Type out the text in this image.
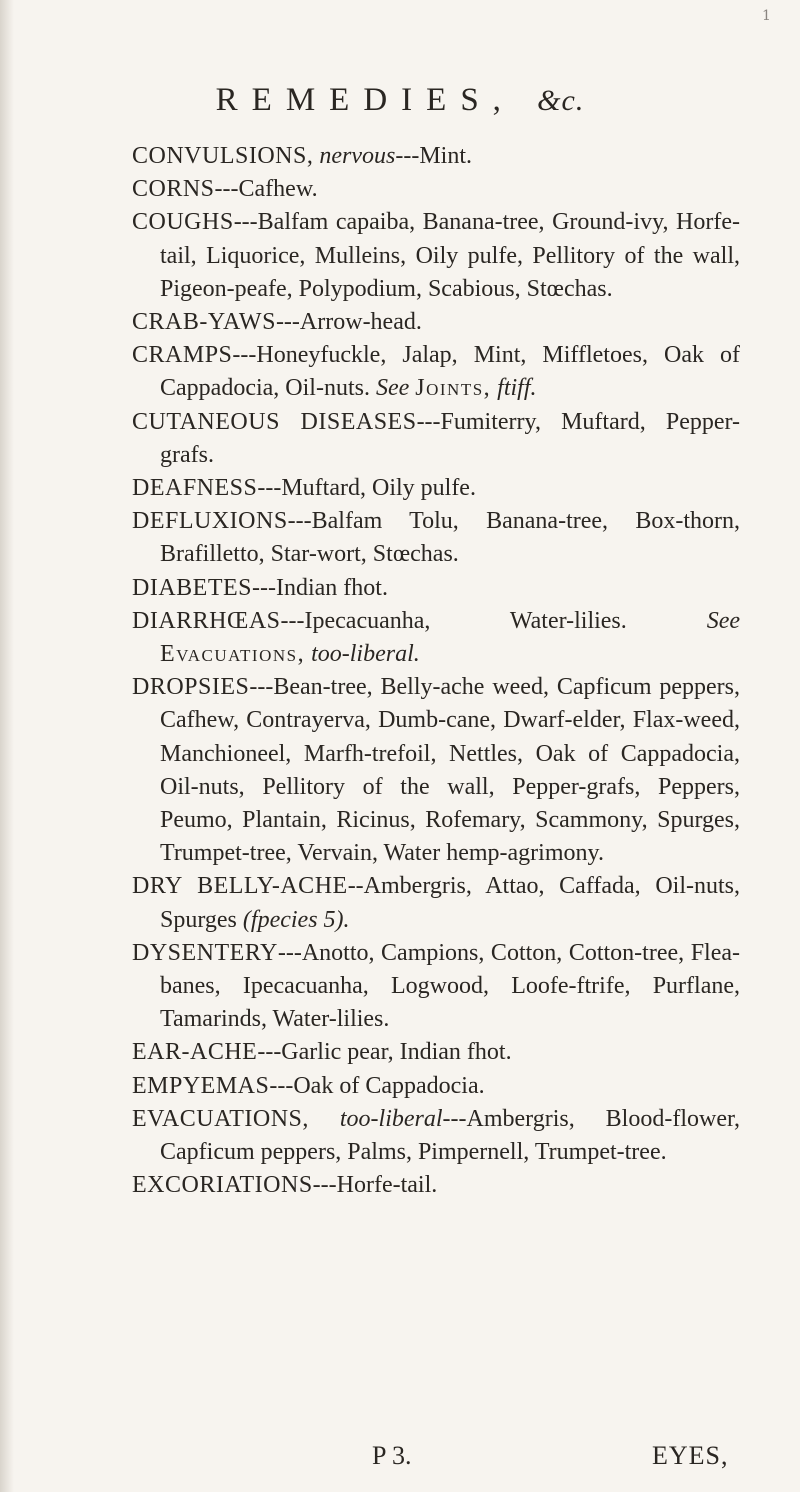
1
REMEDIES, &c.

CONVULSIONS, nervous---Mint.

CORNS---Cafhew.

COUGHS---Balfam capaiba, Banana-tree, Ground-ivy, Horfe-tail, Liquorice, Mulleins, Oily pulfe, Pellitory of the wall, Pigeon-peafe, Polypodium, Scabious, Stœchas.

CRAB-YAWS---Arrow-head.

CRAMPS---Honeyfuckle, Jalap, Mint, Miffletoes, Oak of Cappadocia, Oil-nuts. See Joints, ftiff.

CUTANEOUS DISEASES---Fumiterry, Muftard, Pepper-grafs.

DEAFNESS---Muftard, Oily pulfe.

DEFLUXIONS---Balfam Tolu, Banana-tree, Box-thorn, Brafilletto, Star-wort, Stœchas.

DIABETES---Indian fhot.

DIARRHŒAS---Ipecacuanha, Water-lilies.	See Evacuations, too-liberal.

DROPSIES---Bean-tree, Belly-ache weed, Capficum peppers, Cafhew, Contrayerva, Dumb-cane, Dwarf-elder, Flax-weed, Manchioneel, Marfh-trefoil, Nettles, Oak of Cappadocia, Oil-nuts, Pellitory of the wall, Pepper-grafs, Peppers, Peumo, Plantain, Ricinus, Rofemary, Scammony, Spurges, Trumpet-tree, Vervain, Water hemp-agrimony.

DRY BELLY-ACHE--Ambergris, Attao, Caffada, Oil-nuts, Spurges (fpecies 5).

DYSENTERY---Anotto, Campions, Cotton, Cotton-tree, Flea-banes, Ipecacuanha, Logwood, Loofe-ftrife, Purflane, Tamarinds, Water-lilies.

EAR-ACHE---Garlic pear, Indian fhot.

EMPYEMAS---Oak of Cappadocia.

EVACUATIONS, too-liberal---Ambergris, Blood-flower, Capficum peppers, Palms, Pimpernell, Trumpet-tree.

EXCORIATIONS---Horfe-tail.

P 3.	EYES,
